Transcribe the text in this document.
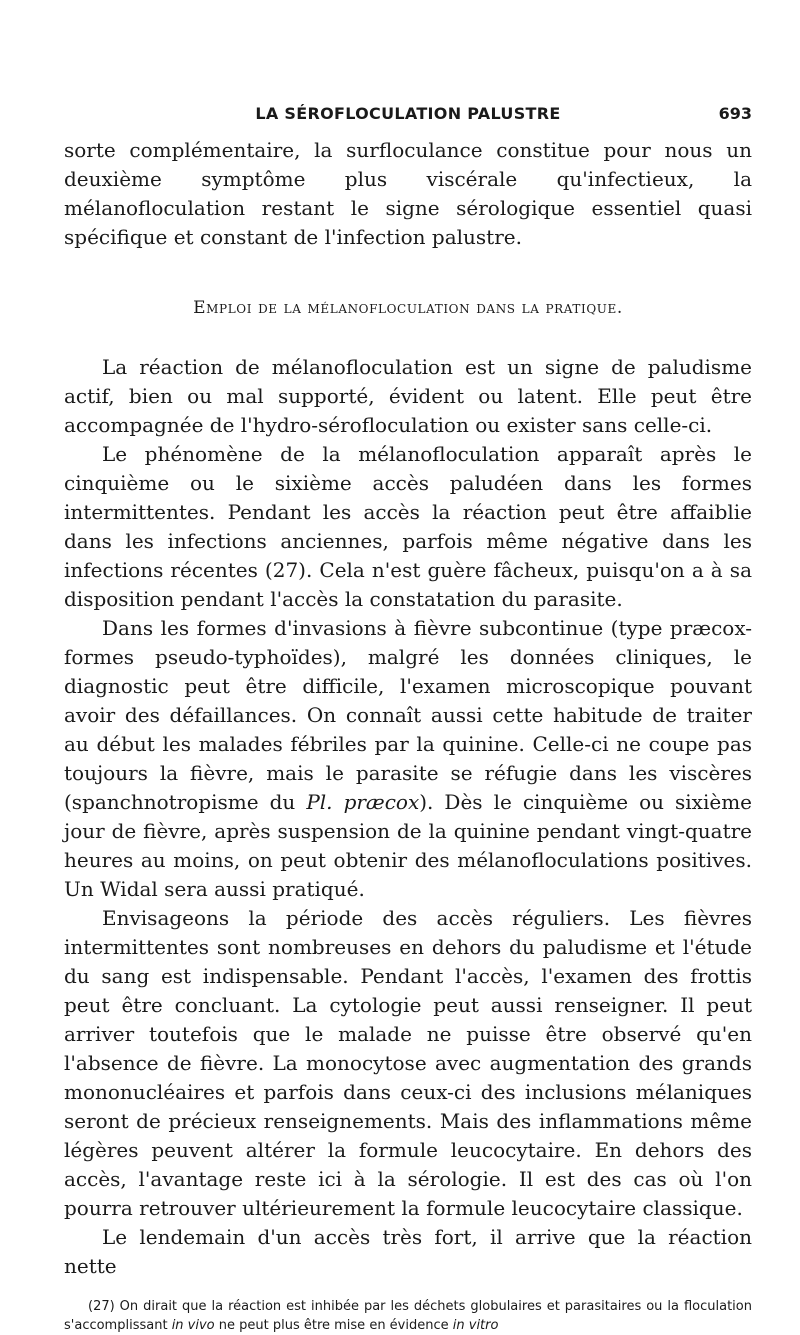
LA SÉROFLOCULATION PALUSTRE	693

sorte complémentaire, la surfloculance constitue pour nous un deuxième symptôme plus viscérale qu'infectieux, la mélanofloculation restant le signe sérologique essentiel quasi spécifique et constant de l'infection palustre.

Emploi de la mélanofloculation dans la pratique.

La réaction de mélanofloculation est un signe de paludisme actif, bien ou mal supporté, évident ou latent. Elle peut être accompagnée de l'hydro-sérofloculation ou exister sans celle-ci.

Le phénomène de la mélanofloculation apparaît après le cinquième ou le sixième accès paludéen dans les formes intermittentes. Pendant les accès la réaction peut être affaiblie dans les infections anciennes, parfois même négative dans les infections récentes (27). Cela n'est guère fâcheux, puisqu'on a à sa disposition pendant l'accès la constatation du parasite.

Dans les formes d'invasions à fièvre subcontinue (type præcox-formes pseudo-typhoïdes), malgré les données cliniques, le diagnostic peut être difficile, l'examen microscopique pouvant avoir des défaillances. On connaît aussi cette habitude de traiter au début les malades fébriles par la quinine. Celle-ci ne coupe pas toujours la fièvre, mais le parasite se réfugie dans les viscères (spanchnotropisme du Pl. præcox). Dès le cinquième ou sixième jour de fièvre, après suspension de la quinine pendant vingt-quatre heures au moins, on peut obtenir des mélanofloculations positives. Un Widal sera aussi pratiqué.

Envisageons la période des accès réguliers. Les fièvres intermittentes sont nombreuses en dehors du paludisme et l'étude du sang est indispensable. Pendant l'accès, l'examen des frottis peut être concluant. La cytologie peut aussi renseigner. Il peut arriver toutefois que le malade ne puisse être observé qu'en l'absence de fièvre. La monocytose avec augmentation des grands mononucléaires et parfois dans ceux-ci des inclusions mélaniques seront de précieux renseignements. Mais des inflammations même légères peuvent altérer la formule leucocytaire. En dehors des accès, l'avantage reste ici à la sérologie. Il est des cas où l'on pourra retrouver ultérieurement la formule leucocytaire classique.

Le lendemain d'un accès très fort, il arrive que la réaction nette

(27) On dirait que la réaction est inhibée par les déchets globulaires et parasitaires ou la floculation s'accomplissant in vivo ne peut plus être mise en évidence in vitro
